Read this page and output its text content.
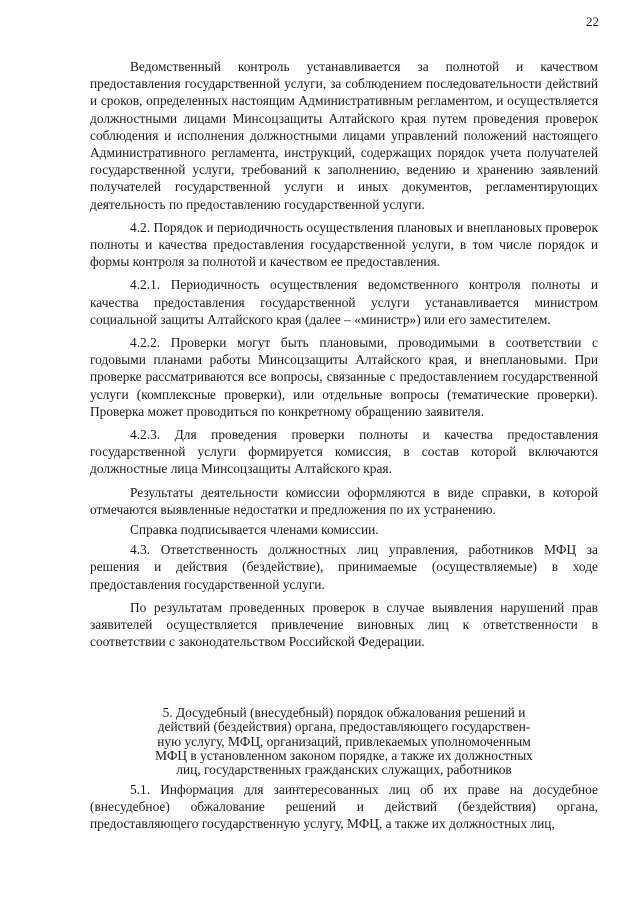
22

Ведомственный контроль устанавливается за полнотой и качеством предоставления государственной услуги, за соблюдением последовательности действий и сроков, определенных настоящим Административным регламентом, и осуществляется должностными лицами Минсоцзащиты Алтайского края путем проведения проверок соблюдения и исполнения должностными лицами управлений положений настоящего Административного регламента, инструкций, содержащих порядок учета получателей государственной услуги, требований к заполнению, ведению и хранению заявлений получателей государственной услуги и иных документов, регламентирующих деятельность по предоставлению государственной услуги.

4.2. Порядок и периодичность осуществления плановых и внеплановых проверок полноты и качества предоставления государственной услуги, в том числе порядок и формы контроля за полнотой и качеством ее предоставления.

4.2.1. Периодичность осуществления ведомственного контроля полноты и качества предоставления государственной услуги устанавливается министром социальной защиты Алтайского края (далее – «министр») или его заместителем.

4.2.2. Проверки могут быть плановыми, проводимыми в соответствии с годовыми планами работы Минсоцзащиты Алтайского края, и внеплановыми. При проверке рассматриваются все вопросы, связанные с предоставлением государственной услуги (комплексные проверки), или отдельные вопросы (тематические проверки). Проверка может проводиться по конкретному обращению заявителя.

4.2.3. Для проведения проверки полноты и качества предоставления государственной услуги формируется комиссия, в состав которой включаются должностные лица Минсоцзащиты Алтайского края.

Результаты деятельности комиссии оформляются в виде справки, в которой отмечаются выявленные недостатки и предложения по их устранению.

Справка подписывается членами комиссии.

4.3. Ответственность должностных лиц управления, работников МФЦ за решения и действия (бездействие), принимаемые (осуществляемые) в ходе предоставления государственной услуги.

По результатам проведенных проверок в случае выявления нарушений прав заявителей осуществляется привлечение виновных лиц к ответственности в соответствии с законодательством Российской Федерации.

5. Досудебный (внесудебный) порядок обжалования решений и

действий (бездействия) органа, предоставляющего государствен-

ную услугу, МФЦ, организаций, привлекаемых уполномоченным

МФЦ в установленном законом порядке, а также их должностных

лиц, государственных гражданских служащих, работников

5.1. Информация для заинтересованных лиц об их праве на досудебное (внесудебное) обжалование решений и действий (бездействия) органа, предоставляющего государственную услугу, МФЦ, а также их должностных лиц,
